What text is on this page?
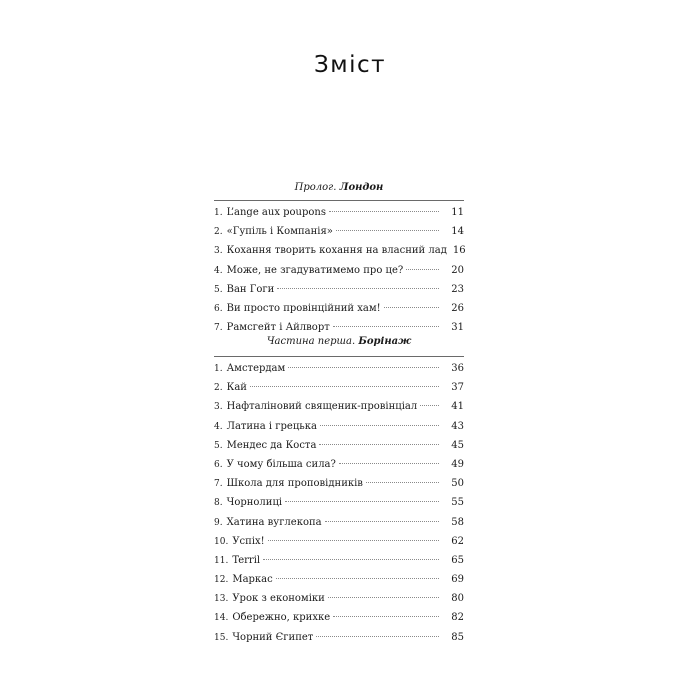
Зміст
Пролог. Лондон
1. L’ange aux poupons	11
2. «Гупіль і Компанія»	14
3. Кохання творить кохання на власний лад 16
4. Може, не згадуватимемо про це?	20
5. Ван Гоги	23
6. Ви просто провінційний хам!	26
7. Рамсгейт і Айлворт	31
Частина перша. Борінаж
1. Амстердам	36
2. Кай	37
3. Нафталіновий священик-провінціал	41
4. Латина і грецька	43
5. Мендес да Коста	45
6. У чому більша сила?	49
7. Школа для проповідників	50
8. Чорнолиці	55
9. Хатина вуглекопа	58
10. Успіх!	62
11. Terril	65
12. Маркас	69
13. Урок з економіки	80
14. Обережно, крихке	82
15. Чорний Єгипет	85
